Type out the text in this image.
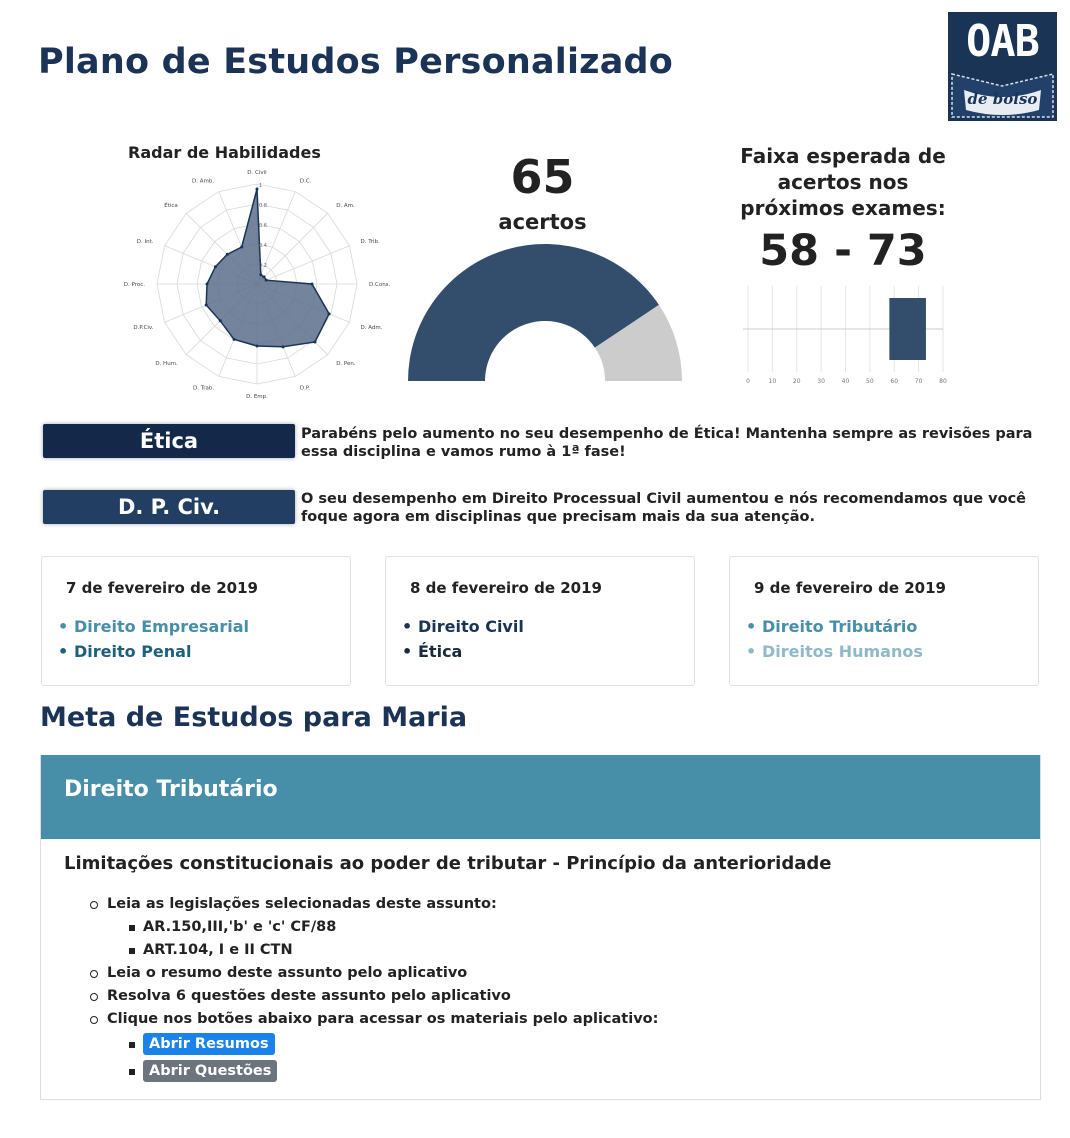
Plano de Estudos Personalizado	OAB
de bolso
Radar de Habilidades
0.2
0.4
0.6
0.8
1
D. Civil
D.C.
D. Am.
D. Trib.
D.Cons.
D. Adm.
D. Pen.
D.P.
D. Emp.
D. Trab.
D. Hum.
D.P.Civ.
D. Proc.
D. Int.
Ética
D. Amb.	65
acertos
Faixa esperada de acertos nos próximos exames:
58 - 73
0	10	20	30	40	50	60	70	80
Ética	Parabéns pelo aumento no seu desempenho de Ética! Mantenha sempre as revisões para essa disciplina e vamos rumo à 1ª fase!

D. P. Civ.	O seu desempenho em Direito Processual Civil aumentou e nós recomendamos que você foque agora em disciplinas que precisam mais da sua atenção.

7 de fevereiro de 2019
• Direito Empresarial
• Direito Penal
8 de fevereiro de 2019
• Direito Civil
• Ética
9 de fevereiro de 2019
• Direito Tributário
• Direitos Humanos
Meta de Estudos para Maria
Direito Tributário

Limitações constitucionais ao poder de tributar - Princípio da anterioridade

Leia as legislações selecionadas deste assunto:
AR.150,III,'b' e 'c' CF/88
ART.104, I e II CTN
Leia o resumo deste assunto pelo aplicativo
Resolva 6 questões deste assunto pelo aplicativo
Clique nos botões abaixo para acessar os materiais pelo aplicativo:
Abrir Resumos
Abrir Questões
